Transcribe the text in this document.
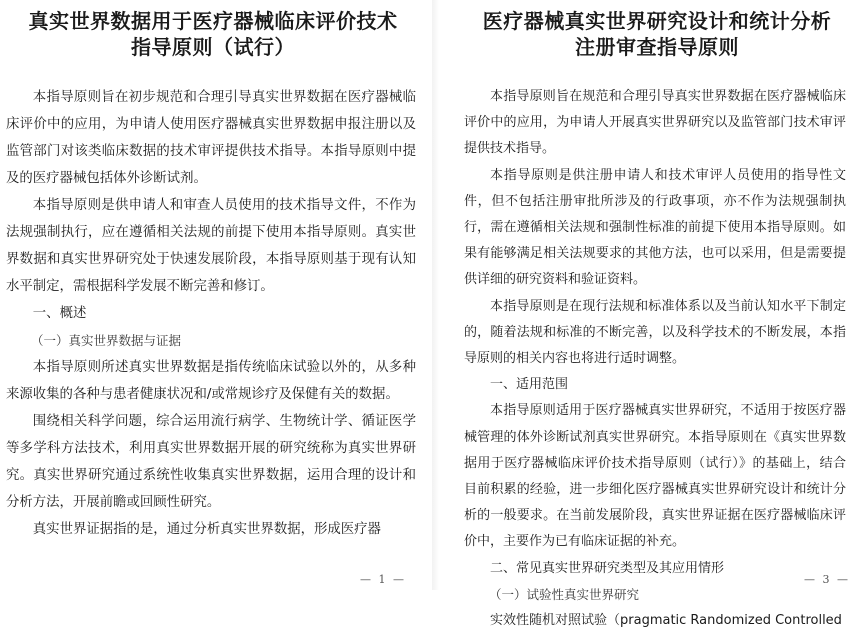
真实世界数据用于医疗器械临床评价技术
指导原则（试行）

本指导原则旨在初步规范和合理引导真实世界数据在医疗器械临床评价中的应用，为申请人使用医疗器械真实世界数据申报注册以及监管部门对该类临床数据的技术审评提供技术指导。本指导原则中提及的医疗器械包括体外诊断试剂。

本指导原则是供申请人和审查人员使用的技术指导文件，不作为法规强制执行，应在遵循相关法规的前提下使用本指导原则。真实世界数据和真实世界研究处于快速发展阶段，本指导原则基于现有认知水平制定，需根据科学发展不断完善和修订。

一、概述

（一）真实世界数据与证据

本指导原则所述真实世界数据是指传统临床试验以外的，从多种来源收集的各种与患者健康状况和/或常规诊疗及保健有关的数据。

围绕相关科学问题，综合运用流行病学、生物统计学、循证医学等多学科方法技术，利用真实世界数据开展的研究统称为真实世界研究。真实世界研究通过系统性收集真实世界数据，运用合理的设计和分析方法，开展前瞻或回顾性研究。

真实世界证据指的是，通过分析真实世界数据，形成医疗器

— 1 —
医疗器械真实世界研究设计和统计分析
注册审查指导原则

本指导原则旨在规范和合理引导真实世界数据在医疗器械临床评价中的应用，为申请人开展真实世界研究以及监管部门技术审评提供技术指导。

本指导原则是供注册申请人和技术审评人员使用的指导性文件，但不包括注册审批所涉及的行政事项，亦不作为法规强制执行，需在遵循相关法规和强制性标准的前提下使用本指导原则。如果有能够满足相关法规要求的其他方法，也可以采用，但是需要提供详细的研究资料和验证资料。

本指导原则是在现行法规和标准体系以及当前认知水平下制定的，随着法规和标准的不断完善，以及科学技术的不断发展，本指导原则的相关内容也将进行适时调整。

一、适用范围

本指导原则适用于医疗器械真实世界研究，不适用于按医疗器械管理的体外诊断试剂真实世界研究。本指导原则在《真实世界数据用于医疗器械临床评价技术指导原则（试行）》的基础上，结合目前积累的经验，进一步细化医疗器械真实世界研究设计和统计分析的一般要求。在当前发展阶段，真实世界证据在医疗器械临床评价中，主要作为已有临床证据的补充。

二、常见真实世界研究类型及其应用情形

（一）试验性真实世界研究

实效性随机对照试验（pragmatic Randomized Controlled

— 3 —
